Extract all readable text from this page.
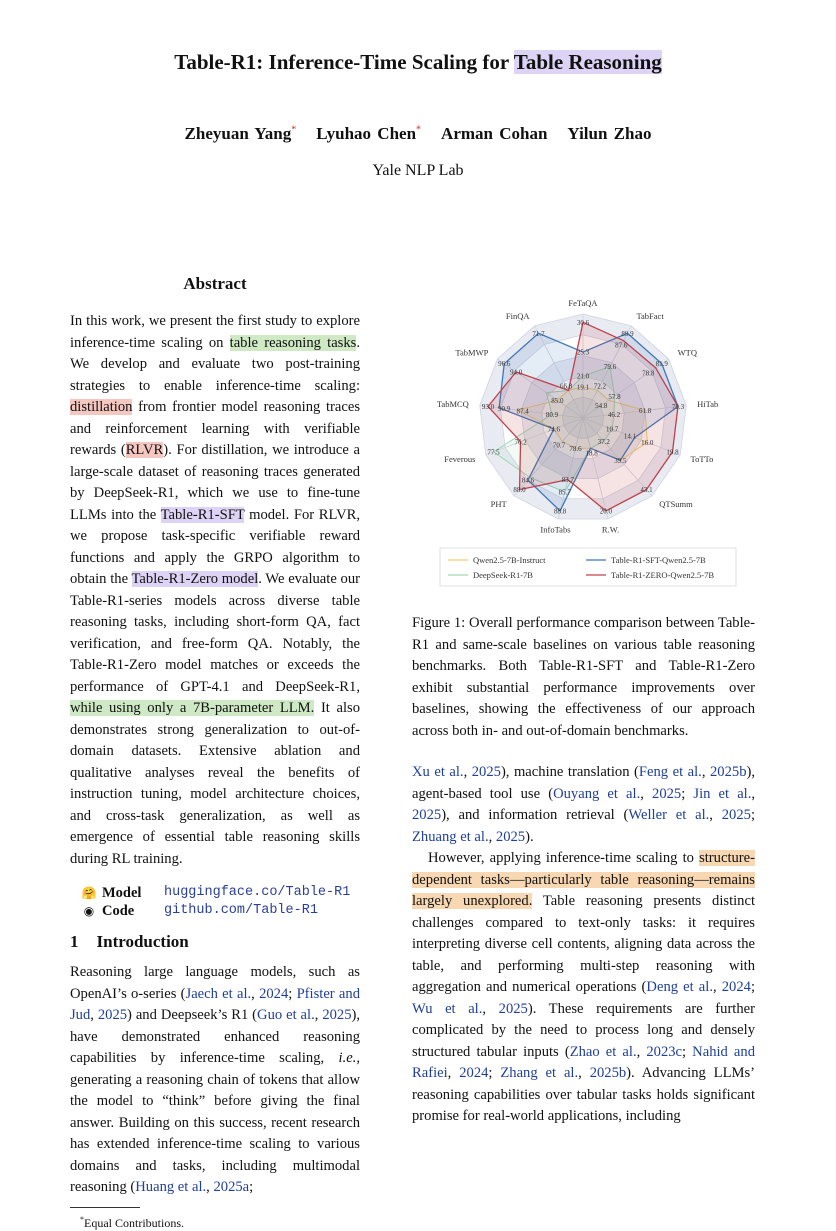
Table-R1: Inference-Time Scaling for Table Reasoning
Zheyuan Yang* Lyuhao Chen* Arman Cohan Yilun Zhao
Yale NLP Lab
Abstract
In this work, we present the first study to explore inference-time scaling on table reasoning tasks. We develop and evaluate two post-training strategies to enable inference-time scaling: distillation from frontier model reasoning traces and reinforcement learning with verifiable rewards (RLVR). For distillation, we introduce a large-scale dataset of reasoning traces generated by DeepSeek-R1, which we use to fine-tune LLMs into the Table-R1-SFT model. For RLVR, we propose task-specific verifiable reward functions and apply the GRPO algorithm to obtain the Table-R1-Zero model. We evaluate our Table-R1-series models across diverse table reasoning tasks, including short-form QA, fact verification, and free-form QA. Notably, the Table-R1-Zero model matches or exceeds the performance of GPT-4.1 and DeepSeek-R1, while using only a 7B-parameter LLM. It also demonstrates strong generalization to out-of-domain datasets. Extensive ablation and qualitative analyses reveal the benefits of instruction tuning, model architecture choices, and cross-task generalization, as well as emergence of essential table reasoning skills during RL training.
🤗 Model	huggingface.co/Table-R1
◉ Code	github.com/Table-R1
1 Introduction
Reasoning large language models, such as OpenAI’s o-series (Jaech et al., 2024; Pfister and Jud, 2025) and Deepseek’s R1 (Guo et al., 2025), have demonstrated enhanced reasoning capabilities by inference-time scaling, i.e., generating a reasoning chain of tokens that allow the model to “think” before giving the final answer. Building on this success, recent research has extended inference-time scaling to various domains and tasks, including multimodal reasoning (Huang et al., 2025a;
*Equal Contributions.
FeTaQA
TabFact
WTQ
HiTab
ToTTo
QTSumm
R.W.
InfoTabs
PHT
Feverous
TabMCQ
TabMWP
FinQA
30.6
25.3
21.0
19.1
89.9
87.6
79.6
72.2
81.9
78.8
57.8
54.8	78.3
61.8
46.2
19.8
16.0
14.1
10.7
43.1
39.5
37.2
20.0
18.8
88.8
85.7
83.7
78.6
88.0
84.6
70.7
77.5
76.2
74.6
93.0 90.9 87.4 80.9
96.6
94.0
85.0
71.7
66.8
Qwen2.5-7B-Instruct
DeepSeek-R1-7B
Table-R1-SFT-Qwen2.5-7B
Table-R1-ZERO-Qwen2.5-7B
Figure 1: Overall performance comparison between Table-R1 and same-scale baselines on various table reasoning benchmarks. Both Table-R1-SFT and Table-R1-Zero exhibit substantial performance improvements over baselines, showing the effectiveness of our approach across both in- and out-of-domain benchmarks.

Xu et al., 2025), machine translation (Feng et al., 2025b), agent-based tool use (Ouyang et al., 2025; Jin et al., 2025), and information retrieval (Weller et al., 2025; Zhuang et al., 2025).

However, applying inference-time scaling to structure-dependent tasks—particularly table reasoning—remains largely unexplored. Table reasoning presents distinct challenges compared to text-only tasks: it requires interpreting diverse cell contents, aligning data across the table, and performing multi-step reasoning with aggregation and numerical operations (Deng et al., 2024; Wu et al., 2025). These requirements are further complicated by the need to process long and densely structured tabular inputs (Zhao et al., 2023c; Nahid and Rafiei, 2024; Zhang et al., 2025b). Advancing LLMs’ reasoning capabilities over tabular tasks holds significant promise for real-world applications, including
